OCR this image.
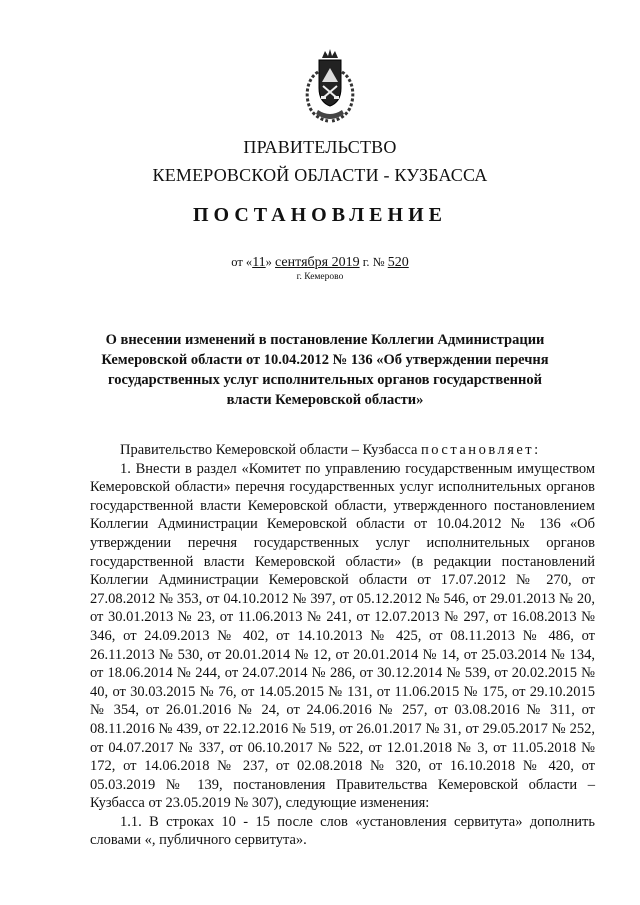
ПРАВИТЕЛЬСТВО
КЕМЕРОВСКОЙ ОБЛАСТИ - КУЗБАССА
ПОСТАНОВЛЕНИЕ
от «11» сентября 2019 г. № 520
г. Кемерово
О внесении изменений в постановление Коллегии Администрации Кемеровской области от 10.04.2012 № 136 «Об утверждении перечня государственных услуг исполнительных органов государственной власти Кемеровской области»

Правительство Кемеровской области – Кузбасса постановляет:

1. Внести в раздел «Комитет по управлению государственным имуществом Кемеровской области» перечня государственных услуг исполнительных органов государственной власти Кемеровской области, утвержденного постановлением Коллегии Администрации Кемеровской области от 10.04.2012 № 136 «Об утверждении перечня государственных услуг исполнительных органов государственной власти Кемеровской области» (в редакции постановлений Коллегии Администрации Кемеровской области от 17.07.2012 № 270, от 27.08.2012 № 353, от 04.10.2012 № 397, от 05.12.2012 № 546, от 29.01.2013 № 20, от 30.01.2013 № 23, от 11.06.2013 № 241, от 12.07.2013 № 297, от 16.08.2013 № 346, от 24.09.2013 № 402, от 14.10.2013 № 425, от 08.11.2013 № 486, от 26.11.2013 № 530, от 20.01.2014 № 12, от 20.01.2014 № 14, от 25.03.2014 № 134, от 18.06.2014 № 244, от 24.07.2014 № 286, от 30.12.2014 № 539, от 20.02.2015 № 40, от 30.03.2015 № 76, от 14.05.2015 № 131, от 11.06.2015 № 175, от 29.10.2015 № 354, от 26.01.2016 № 24, от 24.06.2016 № 257, от 03.08.2016 № 311, от 08.11.2016 № 439, от 22.12.2016 № 519, от 26.01.2017 № 31, от 29.05.2017 № 252, от 04.07.2017 № 337, от 06.10.2017 № 522, от 12.01.2018 № 3, от 11.05.2018 № 172, от 14.06.2018 № 237, от 02.08.2018 № 320, от 16.10.2018 № 420, от 05.03.2019 № 139, постановления Правительства Кемеровской области – Кузбасса от 23.05.2019 № 307), следующие изменения:

1.1. В строках 10 - 15 после слов «установления сервитута» дополнить словами «, публичного сервитута».
